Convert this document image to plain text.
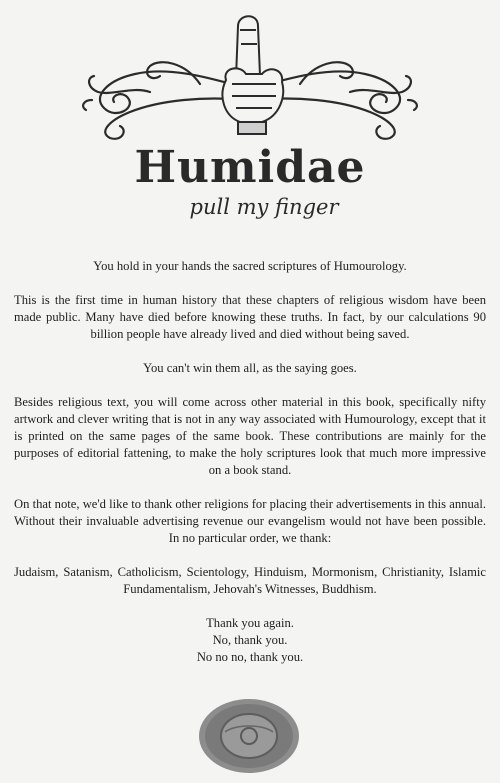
Humidae
pull my finger

You hold in your hands the sacred scriptures of Humourology.

This is the first time in human history that these chapters of religious wisdom have been made public. Many have died before knowing these truths. In fact, by our calculations 90 billion people have already lived and died without being saved.

You can't win them all, as the saying goes.

Besides religious text, you will come across other material in this book, specifically nifty artwork and clever writing that is not in any way associated with Humourology, except that it is printed on the same pages of the same book. These contributions are mainly for the purposes of editorial fattening, to make the holy scriptures look that much more impressive on a book stand.

On that note, we'd like to thank other religions for placing their advertisements in this annual. Without their invaluable advertising revenue our evangelism would not have been possible. In no particular order, we thank:

Judaism, Satanism, Catholicism, Scientology, Hinduism, Mormonism, Christianity, Islamic Fundamentalism, Jehovah's Witnesses, Buddhism.

Thank you again.

No, thank you.

No no no, thank you.
